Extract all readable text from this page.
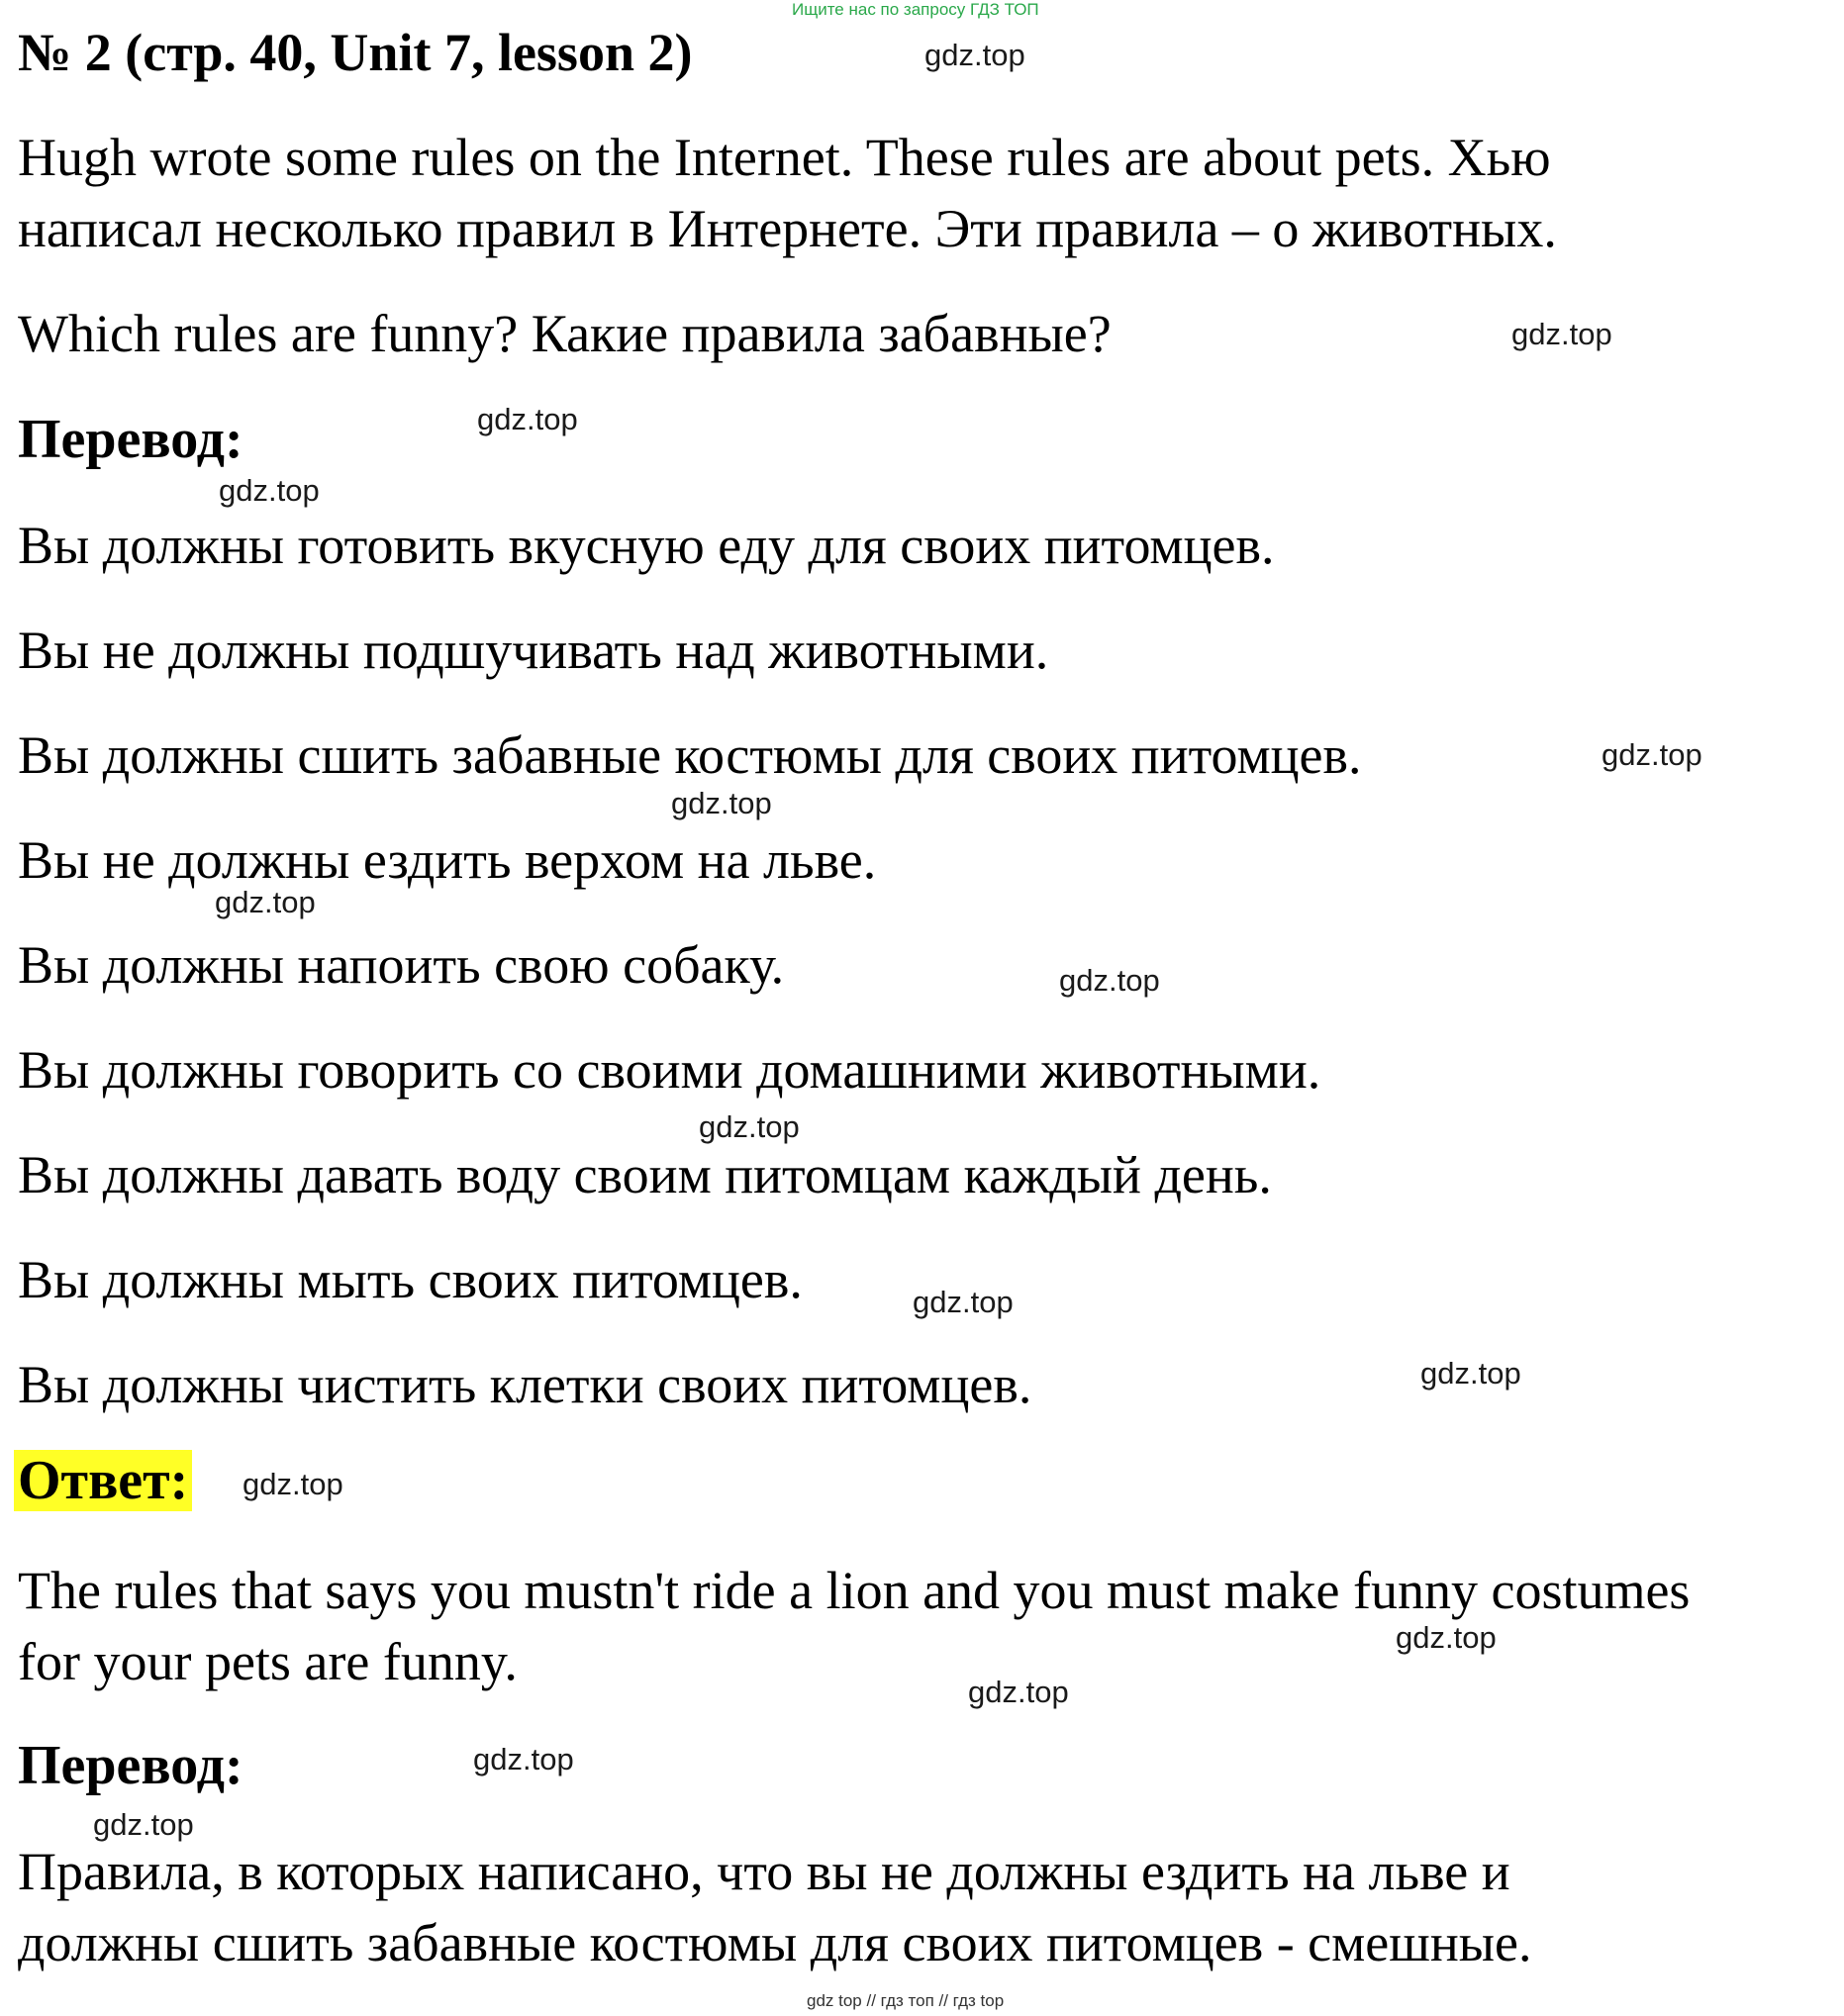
Ищите нас по запросу ГДЗ ТОП
№ 2 (стр. 40, Unit 7, lesson 2)
Hugh wrote some rules on the Internet. These rules are about pets. Хью
написал несколько правил в Интернете. Эти правила – о животных.
Which rules are funny? Какие правила забавные?
Перевод:
Вы должны готовить вкусную еду для своих питомцев.
Вы не должны подшучивать над животными.
Вы должны сшить забавные костюмы для своих питомцев.
Вы не должны ездить верхом на льве.
Вы должны напоить свою собаку.
Вы должны говорить со своими домашними животными.
Вы должны давать воду своим питомцам каждый день.
Вы должны мыть своих питомцев.
Вы должны чистить клетки своих питомцев.
Ответ:
The rules that says you mustn't ride a lion and you must make funny costumes
for your pets are funny.
Перевод:
Правила, в которых написано, что вы не должны ездить на льве и
должны сшить забавные костюмы для своих питомцев - смешные.
gdz.top
gdz.top
gdz.top
gdz.top
gdz.top
gdz.top
gdz.top
gdz.top
gdz.top
gdz.top
gdz.top
gdz.top
gdz.top
gdz.top
gdz.top
gdz.top
gdz top // гдз топ // гдз top
